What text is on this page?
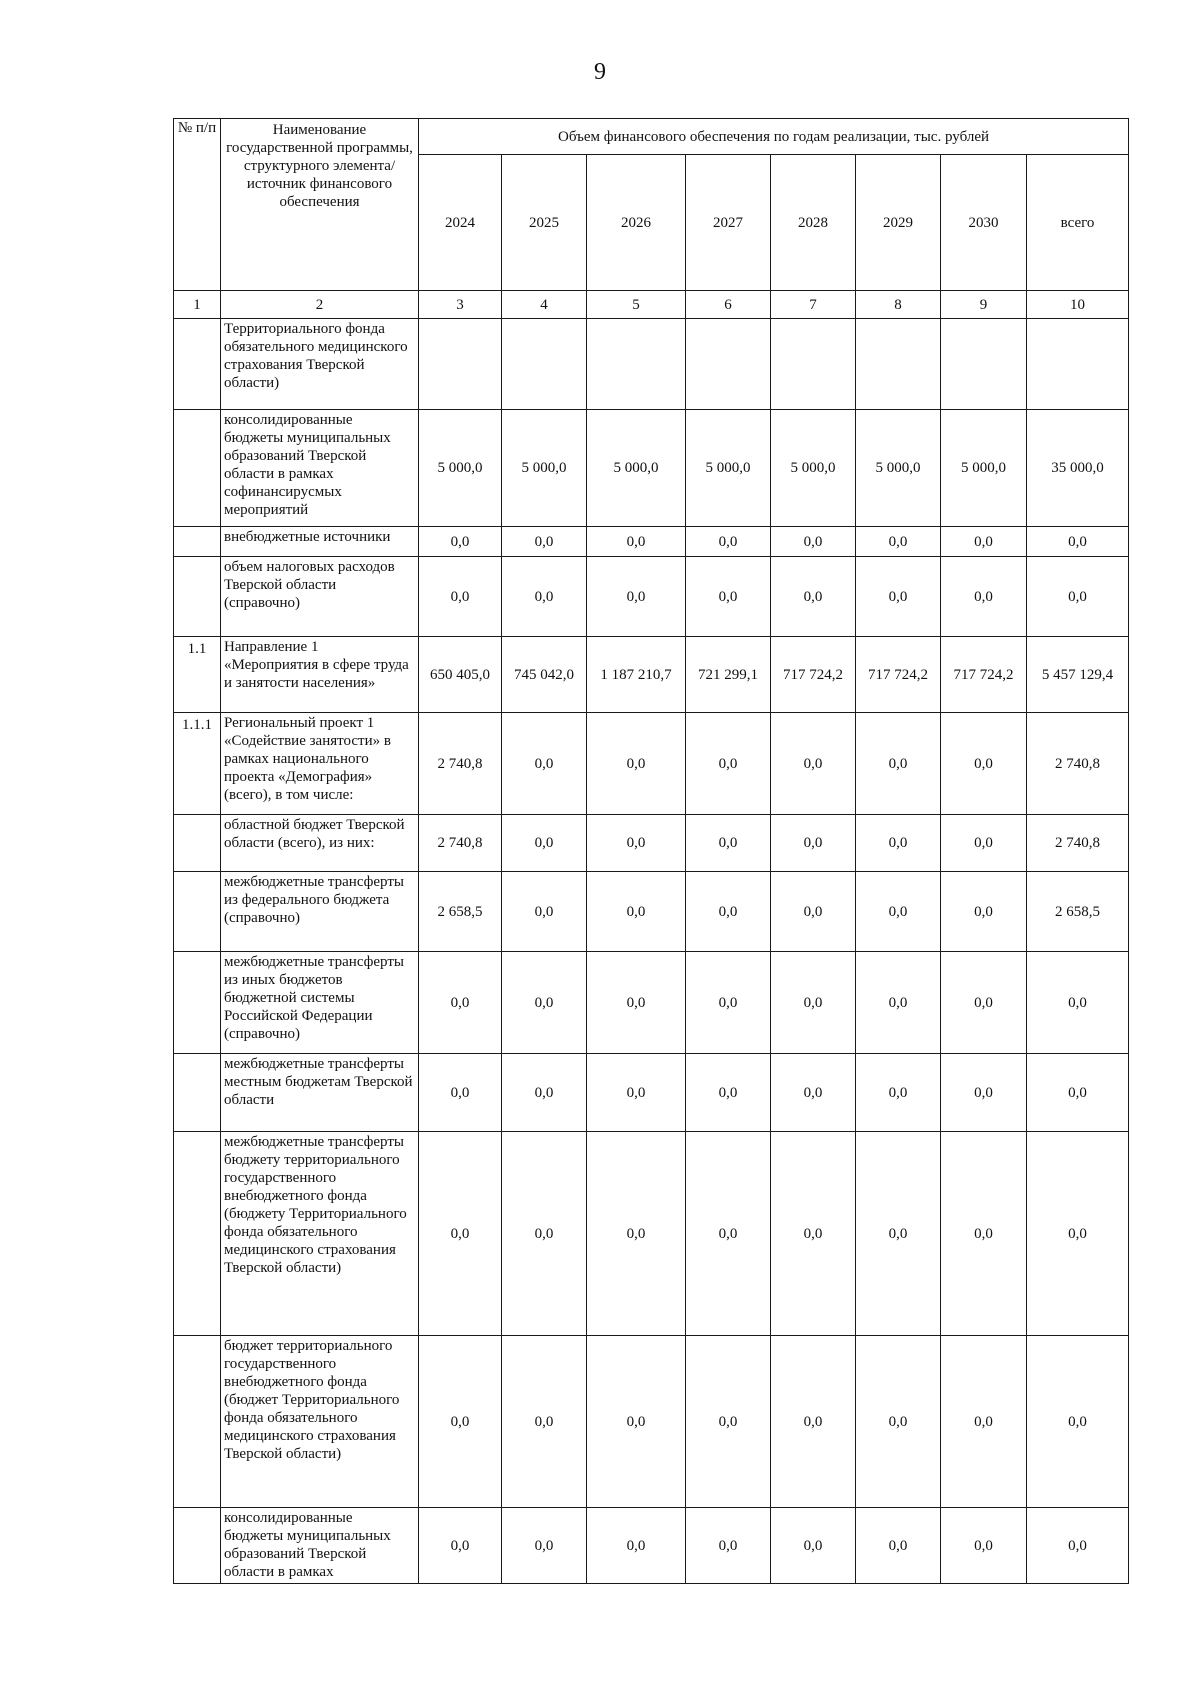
9
№ п/п	Наименование государственной программы, структурного элемента/источник финансового обеспечения	Объем финансового обеспечения по годам реализации, тыс. рублей							
		2024	2025	2026	2027	2028	2029	2030	всего
1	2	3	4	5	6	7	8	9	10
	Территориального фонда обязательного медицинского страхования Тверской области)								
	консолидированные бюджеты муниципальных образований Тверской области в рамках софинансирусмых мероприятий	5 000,0	5 000,0	5 000,0	5 000,0	5 000,0	5 000,0	5 000,0	35 000,0
	внебюджетные источники	0,0	0,0	0,0	0,0	0,0	0,0	0,0	0,0
	объем налоговых расходов Тверской области (справочно)	0,0	0,0	0,0	0,0	0,0	0,0	0,0	0,0
1.1	Направление 1 «Мероприятия в сфере труда и занятости населения»	650 405,0	745 042,0	1 187 210,7	721 299,1	717 724,2	717 724,2	717 724,2	5 457 129,4
1.1.1	Региональный проект 1 «Содействие занятости» в рамках национального проекта «Демография» (всего), в том числе:	2 740,8	0,0	0,0	0,0	0,0	0,0	0,0	2 740,8
	областной бюджет Тверской области (всего), из них:	2 740,8	0,0	0,0	0,0	0,0	0,0	0,0	2 740,8
	межбюджетные трансферты из федерального бюджета (справочно)	2 658,5	0,0	0,0	0,0	0,0	0,0	0,0	2 658,5
	межбюджетные трансферты из иных бюджетов бюджетной системы Российской Федерации (справочно)	0,0	0,0	0,0	0,0	0,0	0,0	0,0	0,0
	межбюджетные трансферты местным бюджетам Тверской области	0,0	0,0	0,0	0,0	0,0	0,0	0,0	0,0
	межбюджетные трансферты бюджету территориального государственного внебюджетного фонда (бюджету Территориального фонда обязательного медицинского страхования Тверской области)	0,0	0,0	0,0	0,0	0,0	0,0	0,0	0,0
	бюджет территориального государственного внебюджетного фонда (бюджет Территориального фонда обязательного медицинского страхования Тверской области)	0,0	0,0	0,0	0,0	0,0	0,0	0,0	0,0
	консолидированные бюджеты муниципальных образований Тверской области в рамках	0,0	0,0	0,0	0,0	0,0	0,0	0,0	0,0
